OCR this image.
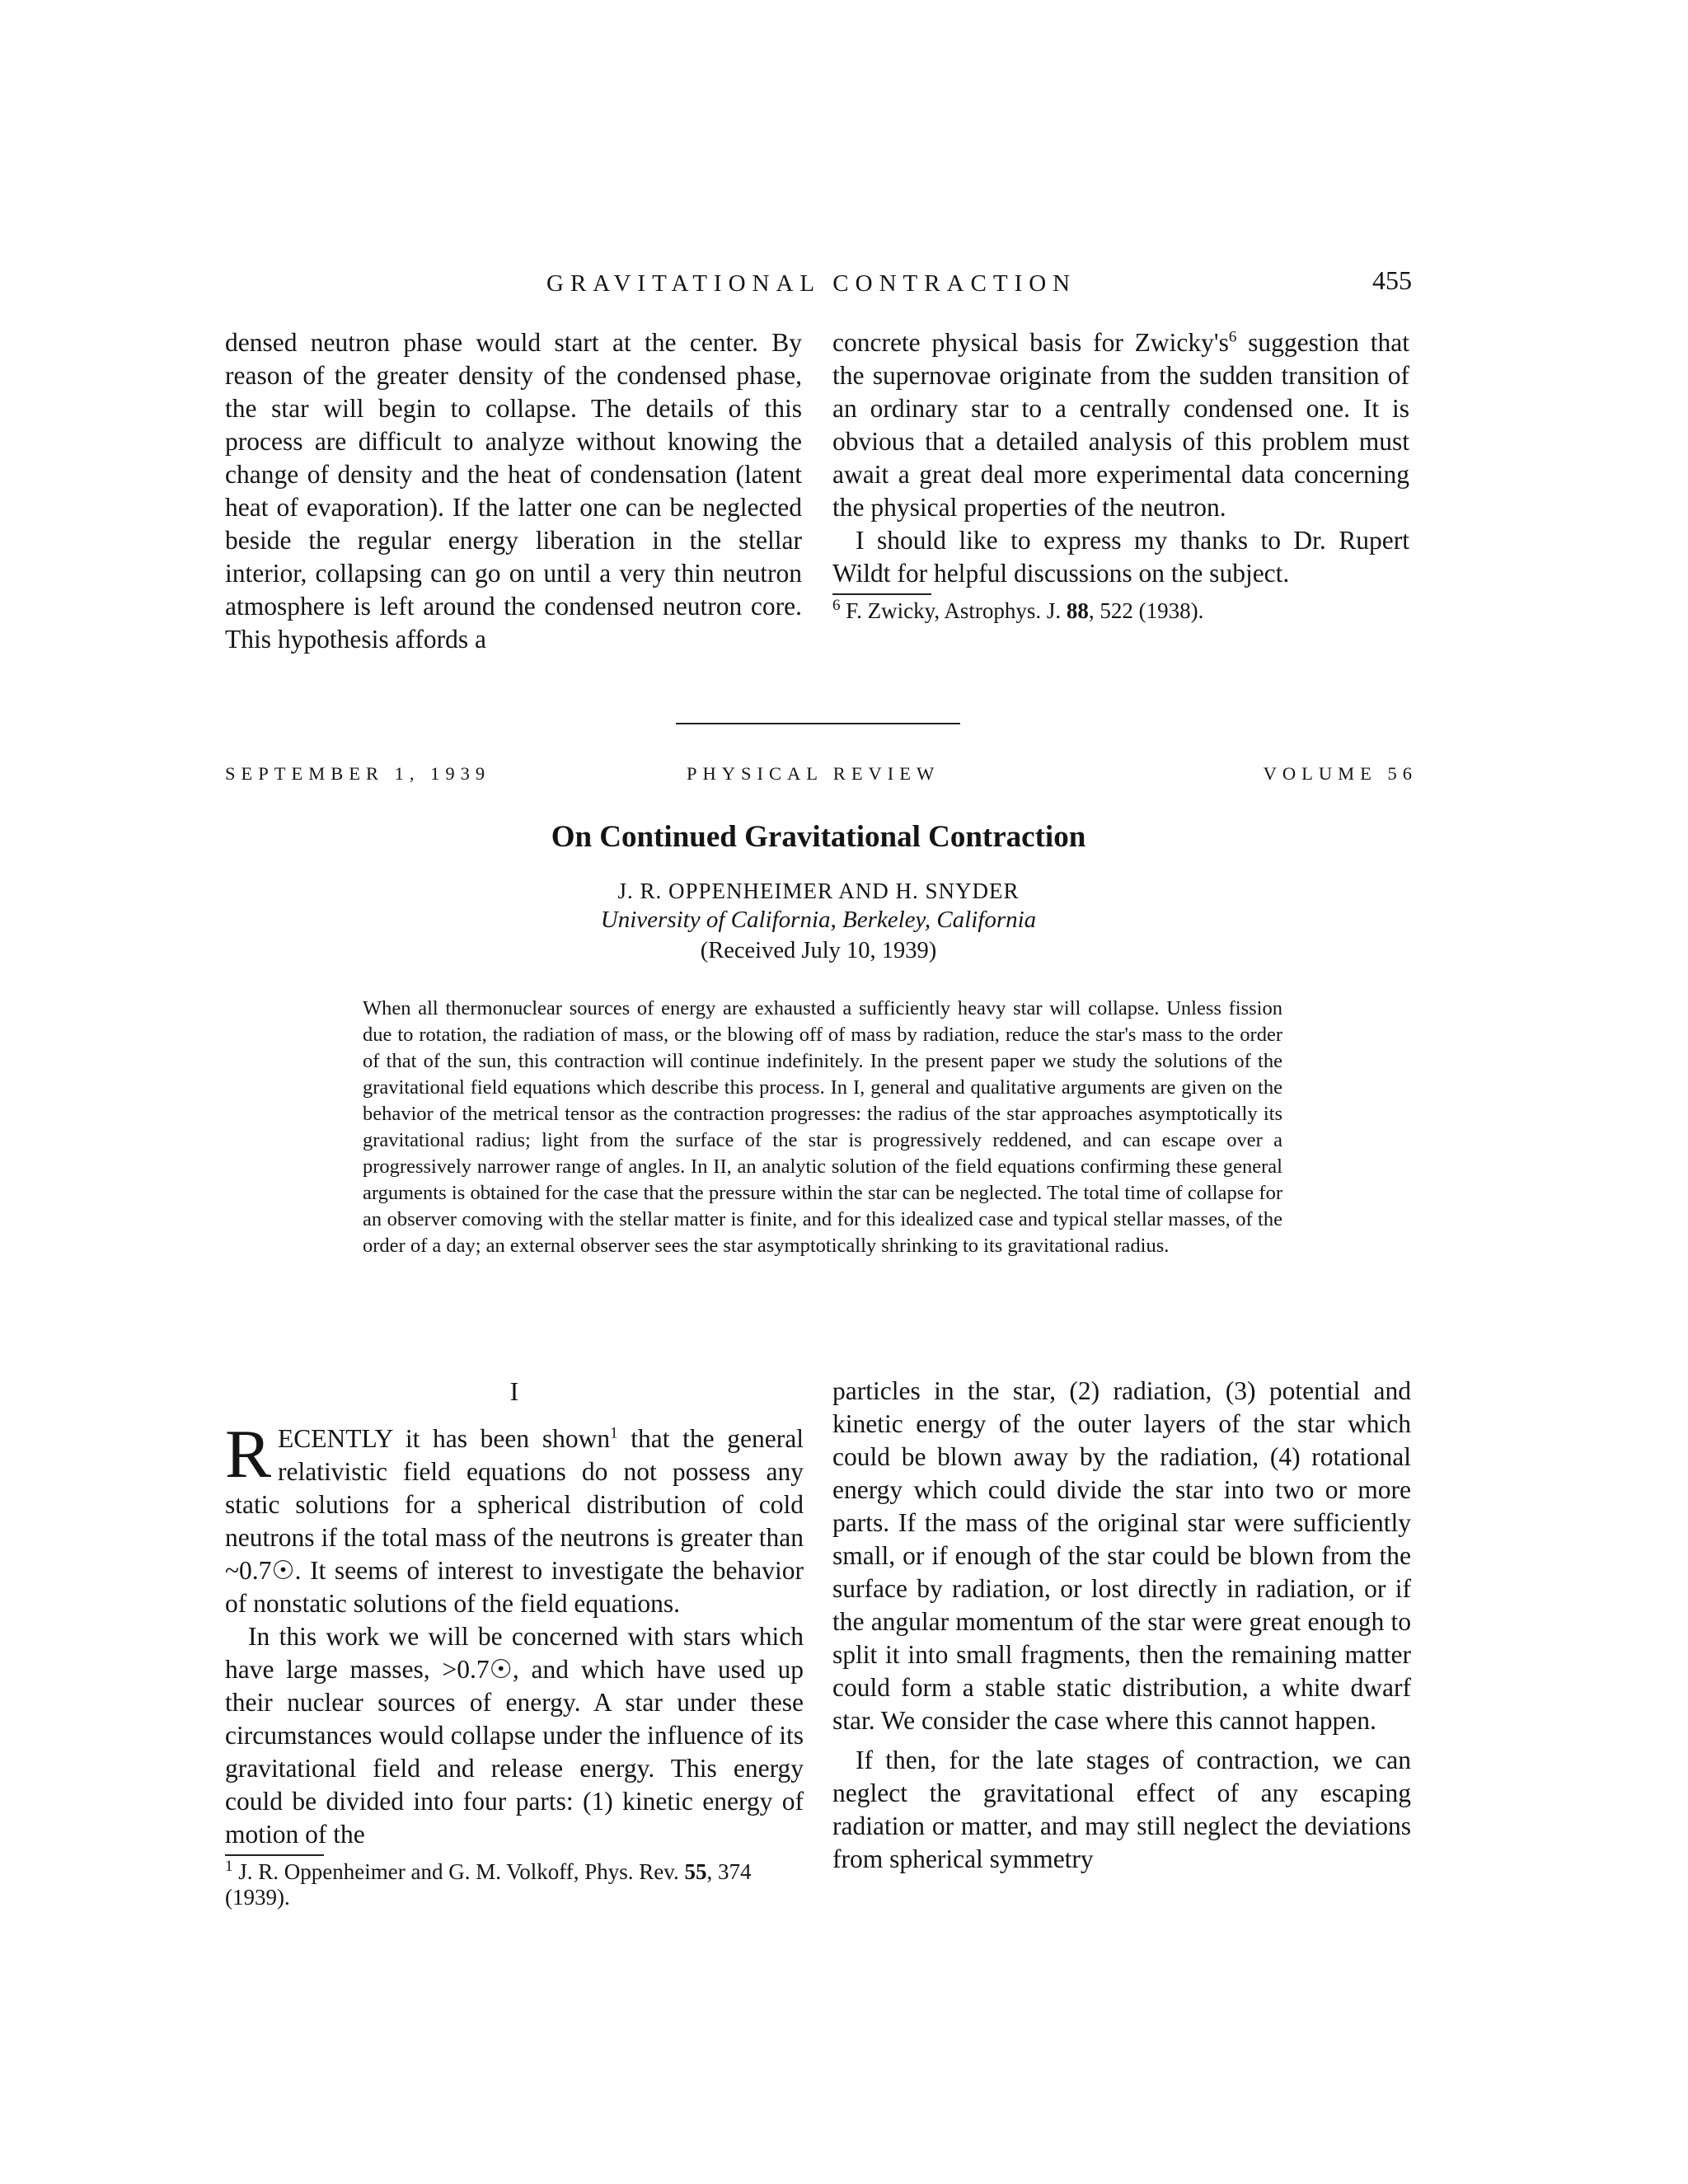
GRAVITATIONAL CONTRACTION	455

densed neutron phase would start at the center. By reason of the greater density of the condensed phase, the star will begin to collapse. The details of this process are difficult to analyze without knowing the change of density and the heat of condensation (latent heat of evaporation). If the latter one can be neglected beside the regular energy liberation in the stellar interior, collapsing can go on until a very thin neutron atmosphere is left around the condensed neutron core. This hypothesis affords a

concrete physical basis for $Zwicky's^6$ suggestion that the supernovae originate from the sudden transition of an ordinary star to a centrally condensed one. It is obvious that a detailed analysis of this problem must await a great deal more experimental data concerning the physical properties of the neutron.

I should like to express my thanks to Dr. Rupert Wildt for helpful discussions on the subject.

$^6$ F. Zwicky, Astrophys. J. 88, 522 (1938).

SEPTEMBER 1, 1939	PHYSICAL REVIEW	VOLUME 56
On Continued Gravitational Contraction
J. R. OPPENHEIMER AND H. SNYDER
University of California, Berkeley, California
(Received July 10, 1939)
When all thermonuclear sources of energy are exhausted a sufficiently heavy star will collapse. Unless fission due to rotation, the radiation of mass, or the blowing off of mass by radiation, reduce the star's mass to the order of that of the sun, this contraction will continue indefinitely. In the present paper we study the solutions of the gravitational field equations which describe this process. In I, general and qualitative arguments are given on the behavior of the metrical tensor as the contraction progresses: the radius of the star approaches asymptotically its gravitational radius; light from the surface of the star is progressively reddened, and can escape over a progressively narrower range of angles. In II, an analytic solution of the field equations confirming these general arguments is obtained for the case that the pressure within the star can be neglected. The total time of collapse for an observer comoving with the stellar matter is finite, and for this idealized case and typical stellar masses, of the order of a day; an external observer sees the star asymptotically shrinking to its gravitational radius.
I

RECENTLY it has been shown$^1$ that the general relativistic field equations do not possess any static solutions for a spherical distribution of cold neutrons if the total mass of the neutrons is greater than ~0.7☉. It seems of interest to investigate the behavior of nonstatic solutions of the field equations.

In this work we will be concerned with stars which have large masses, >0.7☉, and which have used up their nuclear sources of energy. A star under these circumstances would collapse under the influence of its gravitational field and release energy. This energy could be divided into four parts: (1) kinetic energy of motion of the

$^1$ J. R. Oppenheimer and G. M. Volkoff, Phys. Rev. 55, 374 (1939).

particles in the star, (2) radiation, (3) potential and kinetic energy of the outer layers of the star which could be blown away by the radiation, (4) rotational energy which could divide the star into two or more parts. If the mass of the original star were sufficiently small, or if enough of the star could be blown from the surface by radiation, or lost directly in radiation, or if the angular momentum of the star were great enough to split it into small fragments, then the remaining matter could form a stable static distribution, a white dwarf star. We consider the case where this cannot happen.

If then, for the late stages of contraction, we can neglect the gravitational effect of any escaping radiation or matter, and may still neglect the deviations from spherical symmetry
